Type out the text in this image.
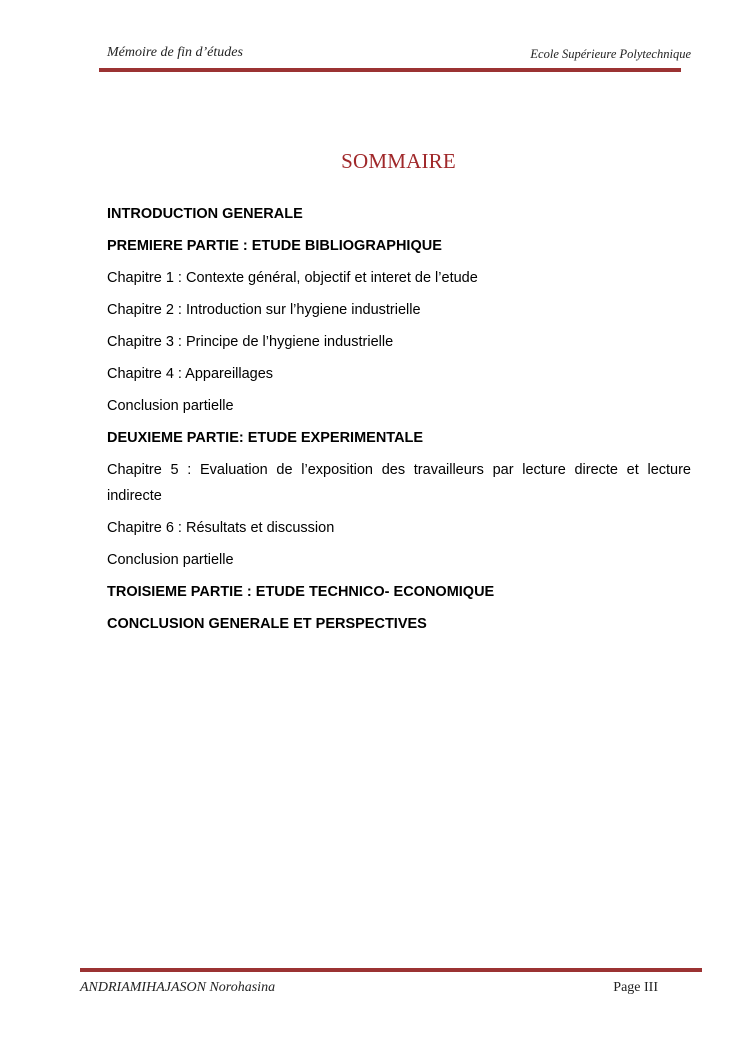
Mémoire de fin d’études	Ecole Supérieure Polytechnique
SOMMAIRE
INTRODUCTION GENERALE
PREMIERE PARTIE : ETUDE BIBLIOGRAPHIQUE
Chapitre 1 : Contexte général, objectif et interet de l’etude
Chapitre 2 : Introduction sur l’hygiene industrielle
Chapitre 3 : Principe de l’hygiene industrielle
Chapitre 4 : Appareillages
Conclusion partielle
DEUXIEME PARTIE: ETUDE EXPERIMENTALE
Chapitre 5 : Evaluation de l’exposition des travailleurs par lecture directe et lecture indirecte
Chapitre 6 : Résultats et discussion
Conclusion partielle
TROISIEME PARTIE : ETUDE TECHNICO- ECONOMIQUE
CONCLUSION GENERALE ET PERSPECTIVES
ANDRIAMIHAJASON Norohasina	Page III
